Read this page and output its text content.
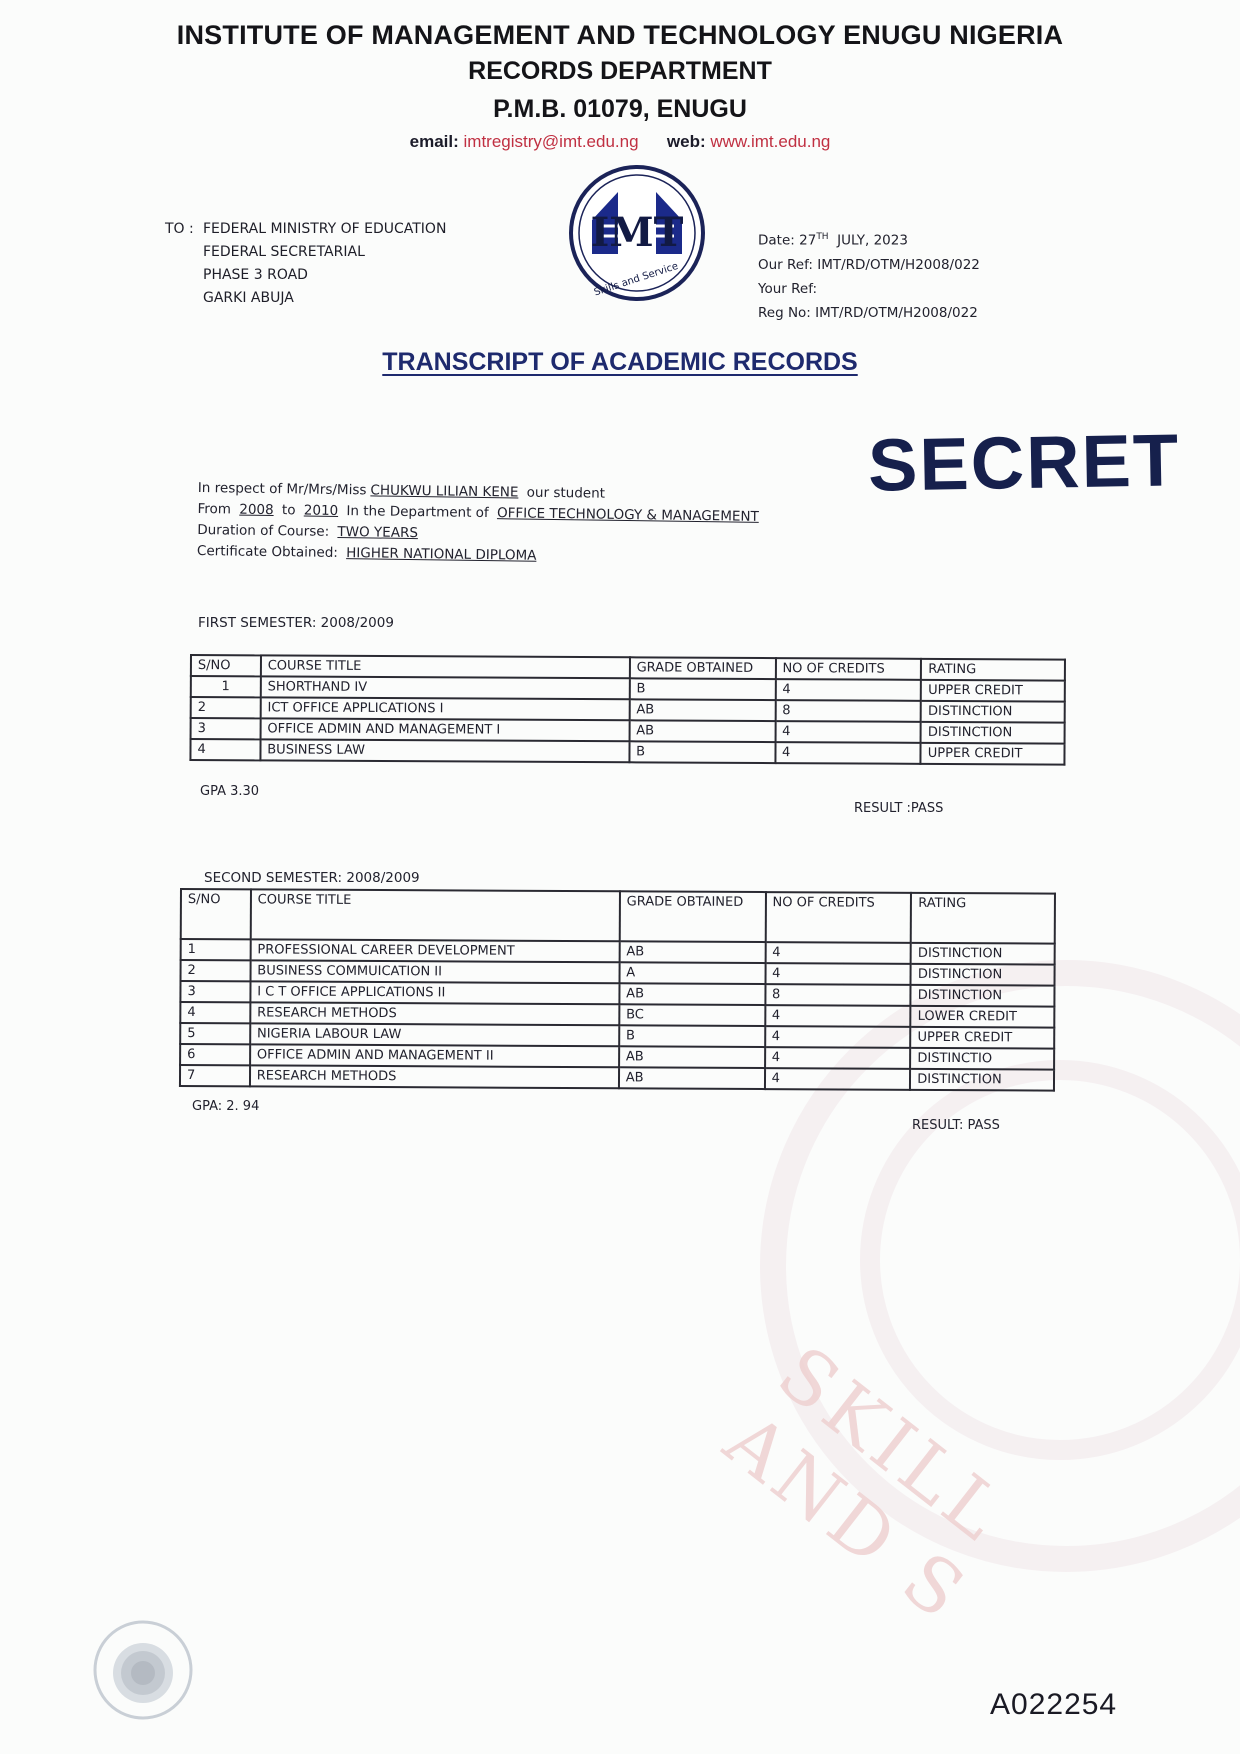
SKILL AND S
INSTITUTE OF MANAGEMENT AND TECHNOLOGY ENUGU NIGERIA
RECORDS DEPARTMENT
P.M.B. 01079, ENUGU
email: imtregistry@imt.edu.ng web: www.imt.edu.ng
IMT
Skills and Service
TO : FEDERAL MINISTRY OF EDUCATION
FEDERAL SECRETARIAL
PHASE 3 ROAD
GARKI ABUJA
Date: 27TH JULY, 2023
Our Ref: IMT/RD/OTM/H2008/022
Your Ref:
Reg No: IMT/RD/OTM/H2008/022
TRANSCRIPT OF ACADEMIC RECORDS
SECRET
In respect of Mr/Mrs/Miss CHUKWU LILIAN KENE our student
From 2008 to 2010 In the Department of OFFICE TECHNOLOGY & MANAGEMENT
Duration of Course: TWO YEARS
Certificate Obtained: HIGHER NATIONAL DIPLOMA
FIRST SEMESTER: 2008/2009
S/NO	COURSE TITLE	GRADE OBTAINED	NO OF CREDITS	RATING
1	SHORTHAND IV	B	4	UPPER CREDIT
2	ICT OFFICE APPLICATIONS I	AB	8	DISTINCTION
3	OFFICE ADMIN AND MANAGEMENT I	AB	4	DISTINCTION
4	BUSINESS LAW	B	4	UPPER CREDIT
GPA 3.30
RESULT :PASS
SECOND SEMESTER: 2008/2009
S/NO	COURSE TITLE	GRADE OBTAINED	NO OF CREDITS	RATING
1	PROFESSIONAL CAREER DEVELOPMENT	AB	4	DISTINCTION
2	BUSINESS COMMUICATION II	A	4	DISTINCTION
3	I C T OFFICE APPLICATIONS II	AB	8	DISTINCTION
4	RESEARCH METHODS	BC	4	LOWER CREDIT
5	NIGERIA LABOUR LAW	B	4	UPPER CREDIT
6	OFFICE ADMIN AND MANAGEMENT II	AB	4	DISTINCTIO
7	RESEARCH METHODS	AB	4	DISTINCTION
GPA: 2. 94
RESULT: PASS
A022254
